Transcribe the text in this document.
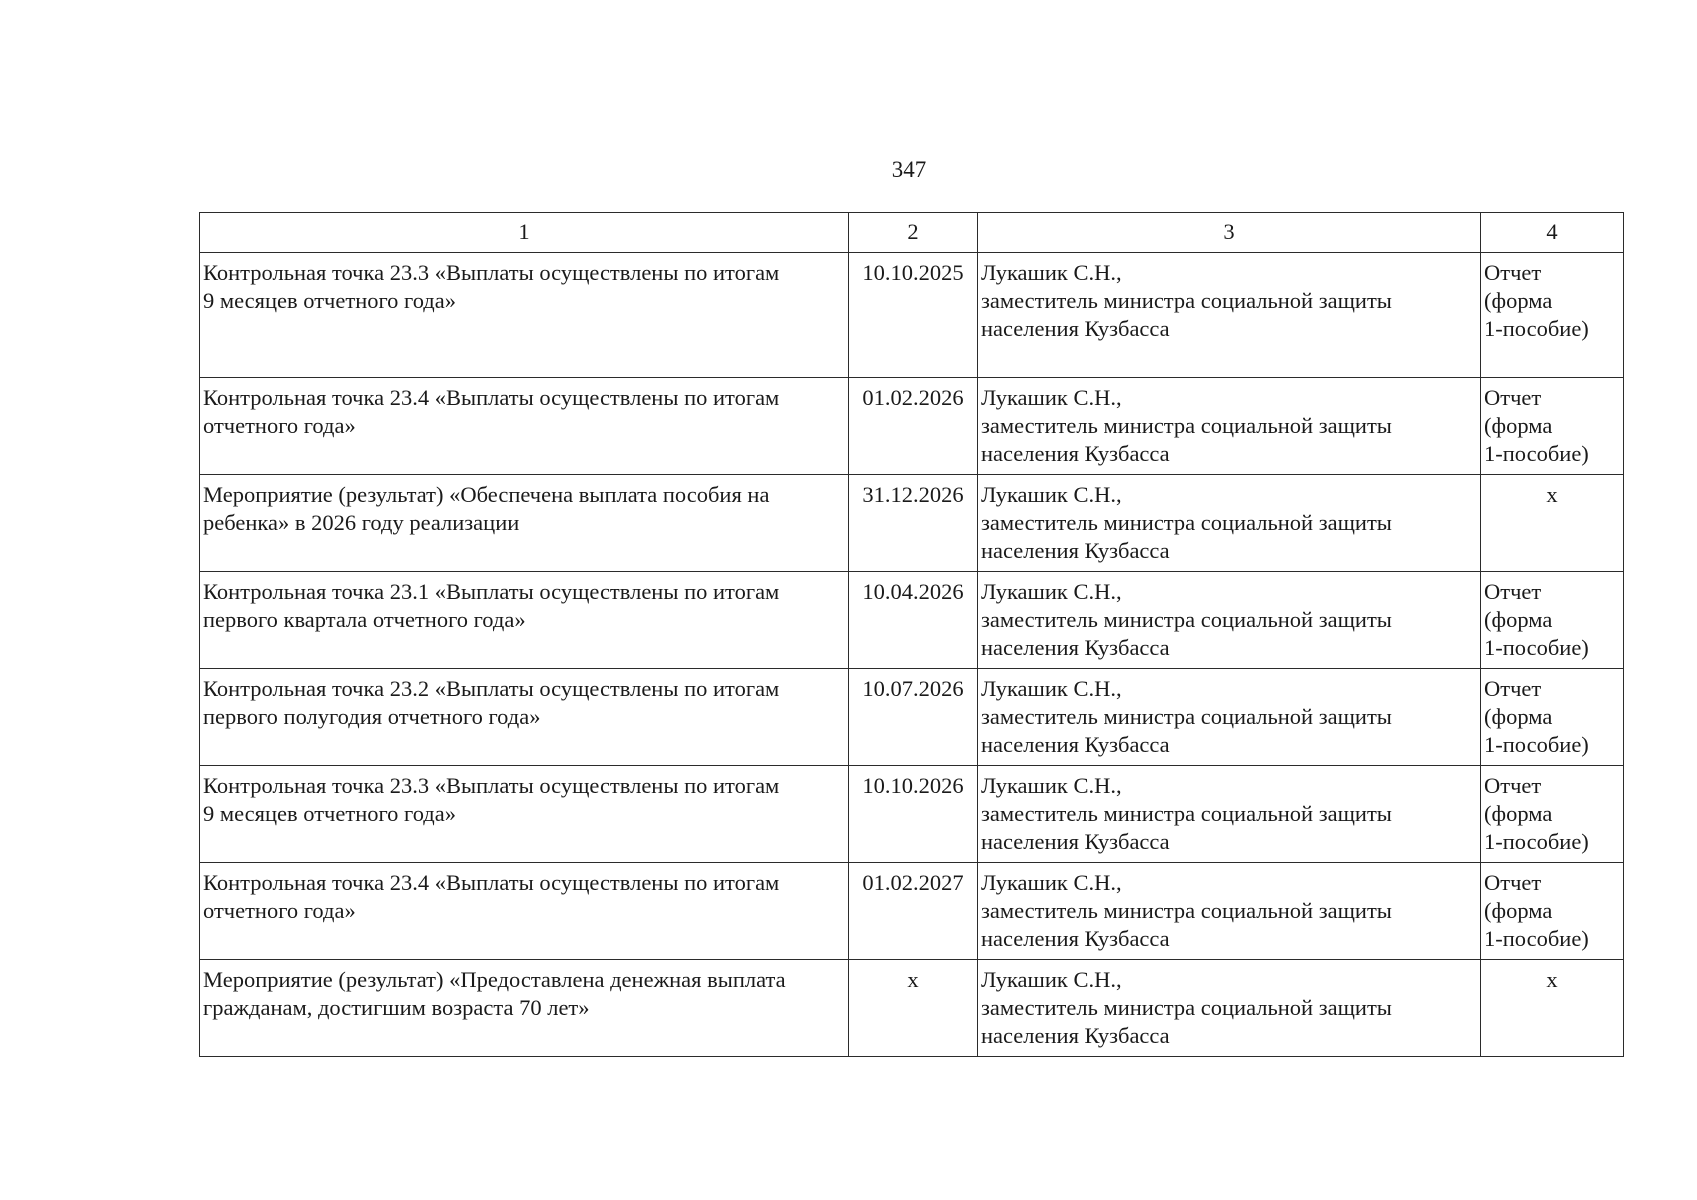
347
1	2	3	4

Контрольная точка 23.3 «Выплаты осуществлены по итогам
9 месяцев отчетного года»	10.10.2025	Лукашик С.Н.,
заместитель министра социальной защиты
населения Кузбасса	Отчет
(форма
1-пособие)

Контрольная точка 23.4 «Выплаты осуществлены по итогам
отчетного года»	01.02.2026	Лукашик С.Н.,
заместитель министра социальной защиты
населения Кузбасса	Отчет
(форма
1-пособие)

Мероприятие (результат) «Обеспечена выплата пособия на
ребенка» в 2026 году реализации	31.12.2026	Лукашик С.Н.,
заместитель министра социальной защиты
населения Кузбасса	x

Контрольная точка 23.1 «Выплаты осуществлены по итогам
первого квартала отчетного года»	10.04.2026	Лукашик С.Н.,
заместитель министра социальной защиты
населения Кузбасса	Отчет
(форма
1-пособие)

Контрольная точка 23.2 «Выплаты осуществлены по итогам
первого полугодия отчетного года»	10.07.2026	Лукашик С.Н.,
заместитель министра социальной защиты
населения Кузбасса	Отчет
(форма
1-пособие)

Контрольная точка 23.3 «Выплаты осуществлены по итогам
9 месяцев отчетного года»	10.10.2026	Лукашик С.Н.,
заместитель министра социальной защиты
населения Кузбасса	Отчет
(форма
1-пособие)

Контрольная точка 23.4 «Выплаты осуществлены по итогам
отчетного года»	01.02.2027	Лукашик С.Н.,
заместитель министра социальной защиты
населения Кузбасса	Отчет
(форма
1-пособие)

Мероприятие (результат) «Предоставлена денежная выплата
гражданам, достигшим возраста 70 лет»	x	Лукашик С.Н.,
заместитель министра социальной защиты
населения Кузбасса	x
